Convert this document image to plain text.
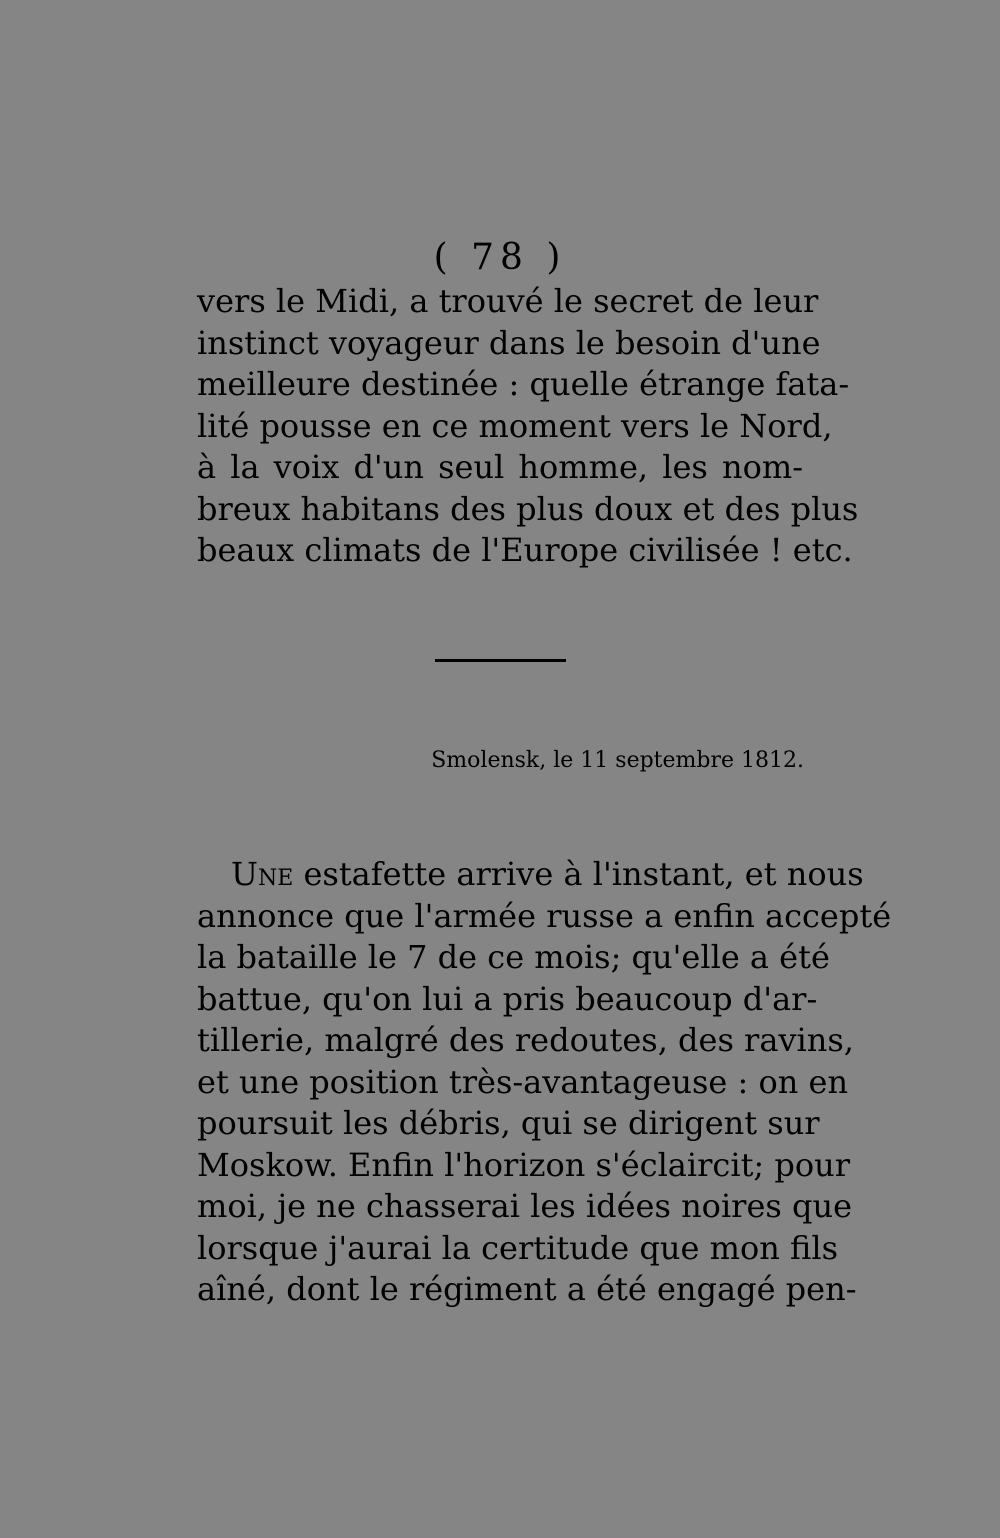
( 78 )

vers le Midi, a trouvé le secret de leur
instinct voyageur dans le besoin d'une
meilleure destinée : quelle étrange fata-
lité pousse en ce moment vers le Nord,
à la voix d'un seul homme, les nom-
breux habitans des plus doux et des plus
beaux climats de l'Europe civilisée ! etc.

Smolensk, le 11 septembre 1812.

Une estafette arrive à l'instant, et nous
annonce que l'armée russe a enfin accepté
la bataille le 7 de ce mois; qu'elle a été
battue, qu'on lui a pris beaucoup d'ar-
tillerie, malgré des redoutes, des ravins,
et une position très-avantageuse : on en
poursuit les débris, qui se dirigent sur
Moskow. Enfin l'horizon s'éclaircit; pour
moi, je ne chasserai les idées noires que
lorsque j'aurai la certitude que mon fils
aîné, dont le régiment a été engagé pen-
